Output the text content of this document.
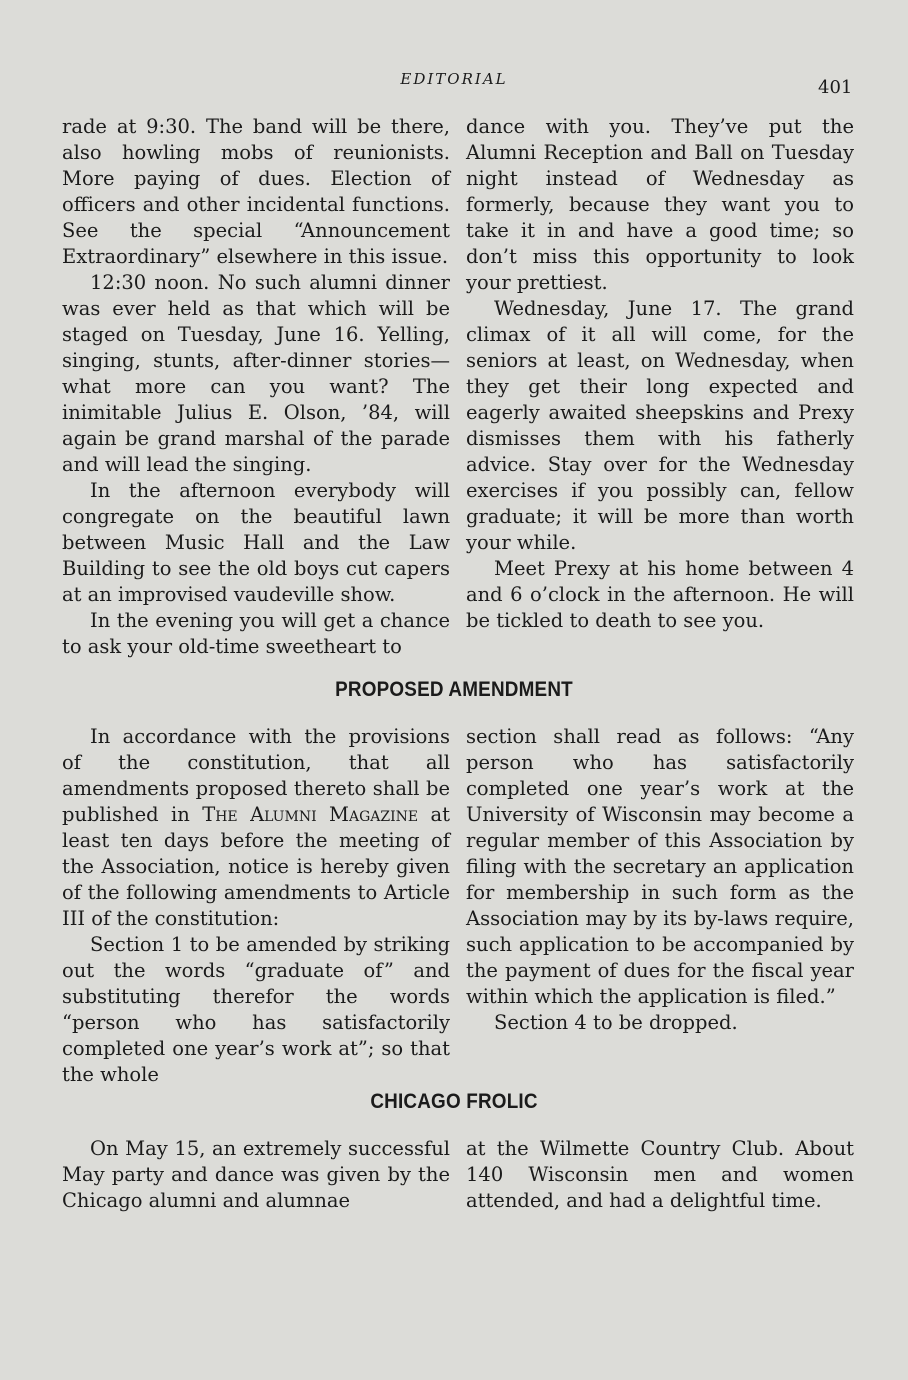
EDITORIAL	401

rade at 9:30. The band will be there, also howling mobs of reunionists. More paying of dues. Election of officers and other incidental functions. See the special “Announcement Extraordinary” elsewhere in this issue.

12:30 noon. No such alumni dinner was ever held as that which will be staged on Tuesday, June 16. Yelling, singing, stunts, after-dinner stories—what more can you want? The inimitable Julius E. Olson, ’84, will again be grand marshal of the parade and will lead the singing.

In the afternoon everybody will congregate on the beautiful lawn between Music Hall and the Law Building to see the old boys cut capers at an improvised vaudeville show.

In the evening you will get a chance to ask your old-time sweetheart to

dance with you. They’ve put the Alumni Reception and Ball on Tuesday night instead of Wednesday as formerly, because they want you to take it in and have a good time; so don’t miss this opportunity to look your prettiest.

Wednesday, June 17. The grand climax of it all will come, for the seniors at least, on Wednesday, when they get their long expected and eagerly awaited sheepskins and Prexy dismisses them with his fatherly advice. Stay over for the Wednesday exercises if you possibly can, fellow graduate; it will be more than worth your while.

Meet Prexy at his home between 4 and 6 o’clock in the afternoon. He will be tickled to death to see you.

PROPOSED AMENDMENT

In accordance with the provisions of the constitution, that all amendments proposed thereto shall be published in The Alumni Magazine at least ten days before the meeting of the Association, notice is hereby given of the following amendments to Article III of the constitution:

Section 1 to be amended by striking out the words “graduate of” and substituting therefor the words “person who has satisfactorily completed one year’s work at”; so that the whole

section shall read as follows: “Any person who has satisfactorily completed one year’s work at the University of Wisconsin may become a regular member of this Association by filing with the secretary an application for membership in such form as the Association may by its by-laws require, such application to be accompanied by the payment of dues for the fiscal year within which the application is filed.”

Section 4 to be dropped.

CHICAGO FROLIC

On May 15, an extremely successful May party and dance was given by the Chicago alumni and alumnae

at the Wilmette Country Club. About 140 Wisconsin men and women attended, and had a delightful time.
